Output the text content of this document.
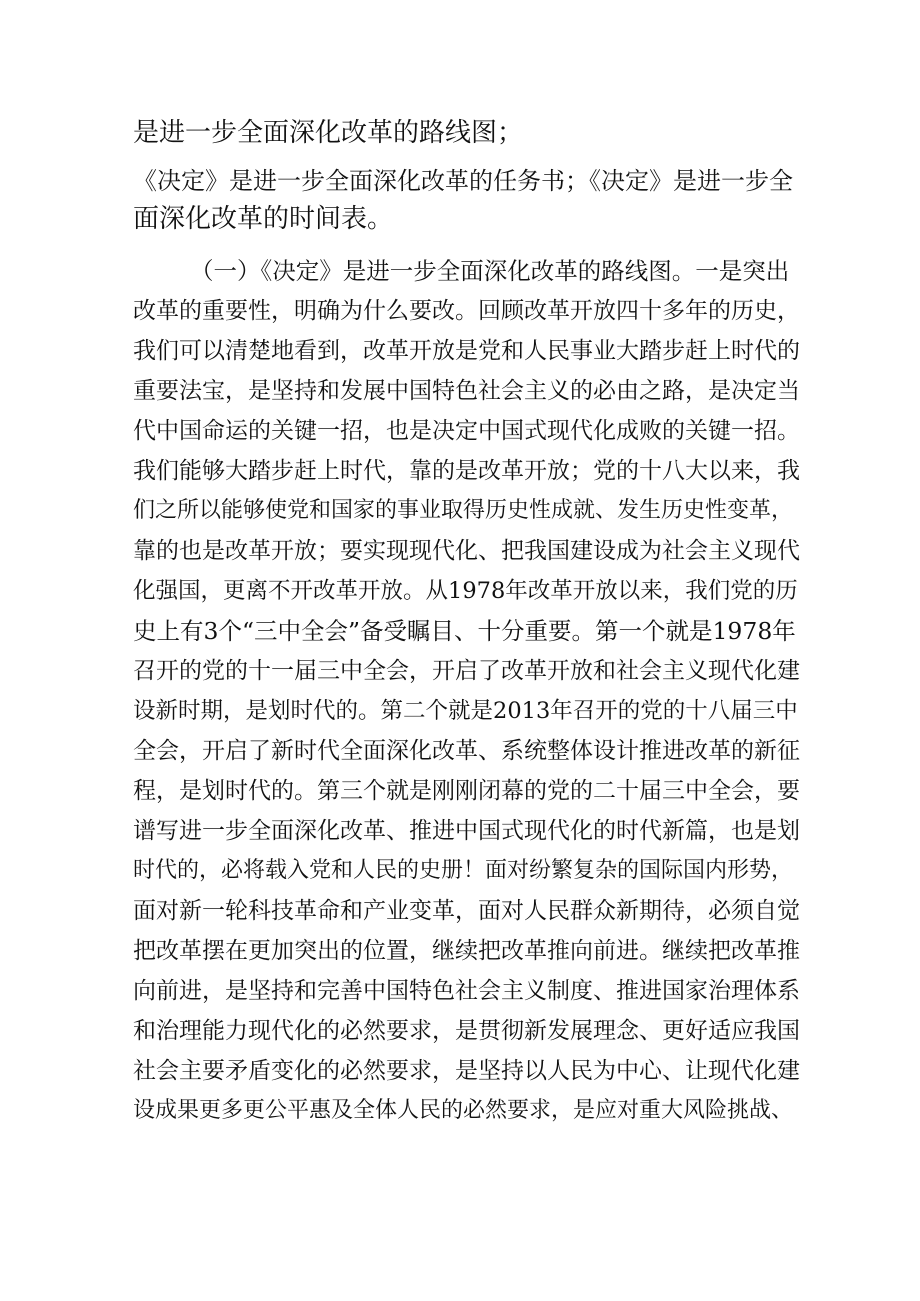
是进一步全面深化改革的路线图；
《决定》是进一步全面深化改革的任务书；《决定》是进一步全
面深化改革的时间表。
（一）《决定》是进一步全面深化改革的路线图。一是突出
改革的重要性，明确为什么要改。回顾改革开放四十多年的历史，
我们可以清楚地看到，改革开放是党和人民事业大踏步赶上时代的
重要法宝，是坚持和发展中国特色社会主义的必由之路，是决定当
代中国命运的关键一招，也是决定中国式现代化成败的关键一招。
我们能够大踏步赶上时代，靠的是改革开放；党的十八大以来，我
们之所以能够使党和国家的事业取得历史性成就、发生历史性变革，
靠的也是改革开放；要实现现代化、把我国建设成为社会主义现代
化强国，更离不开改革开放。从1978年改革开放以来，我们党的历
史上有3个“三中全会”备受瞩目、十分重要。第一个就是1978年
召开的党的十一届三中全会，开启了改革开放和社会主义现代化建
设新时期，是划时代的。第二个就是2013年召开的党的十八届三中
全会，开启了新时代全面深化改革、系统整体设计推进改革的新征
程，是划时代的。第三个就是刚刚闭幕的党的二十届三中全会，要
谱写进一步全面深化改革、推进中国式现代化的时代新篇，也是划
时代的，必将载入党和人民的史册！面对纷繁复杂的国际国内形势，
面对新一轮科技革命和产业变革，面对人民群众新期待，必须自觉
把改革摆在更加突出的位置，继续把改革推向前进。继续把改革推
向前进，是坚持和完善中国特色社会主义制度、推进国家治理体系
和治理能力现代化的必然要求，是贯彻新发展理念、更好适应我国
社会主要矛盾变化的必然要求，是坚持以人民为中心、让现代化建
设成果更多更公平惠及全体人民的必然要求，是应对重大风险挑战、
